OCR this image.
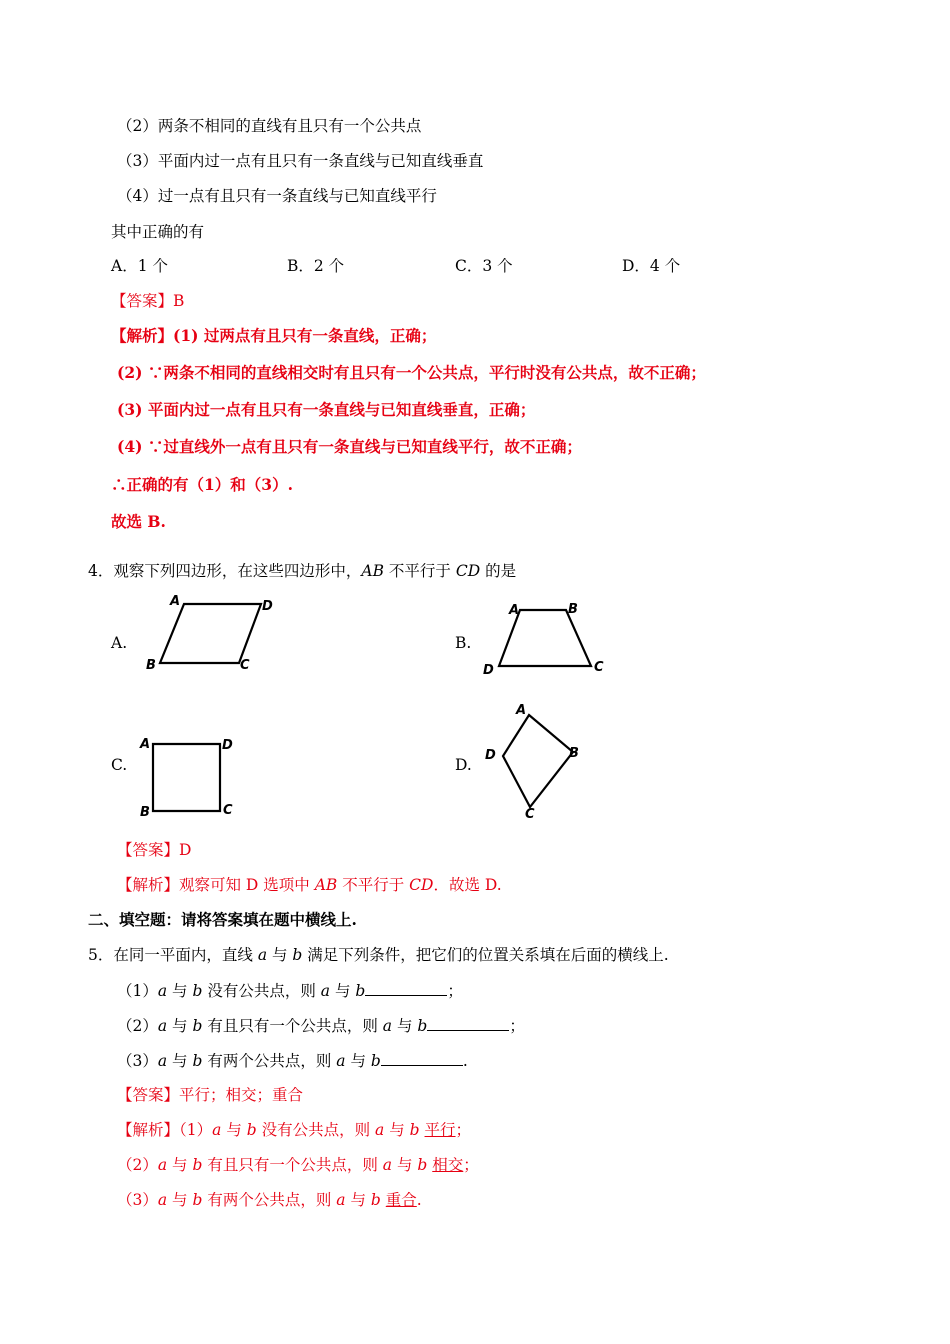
（2）两条不相同的直线有且只有一个公共点
（3）平面内过一点有且只有一条直线与已知直线垂直
（4）过一点有且只有一条直线与已知直线平行
其中正确的有
A．1 个	B．2 个	C．3 个	D．4 个
【答案】B
【解析】(1) 过两点有且只有一条直线，正确；
(2) ∵两条不相同的直线相交时有且只有一个公共点，平行时没有公共点，故不正确；
(3) 平面内过一点有且只有一条直线与已知直线垂直，正确；
(4) ∵过直线外一点有且只有一条直线与已知直线平行，故不正确；
∴正确的有（1）和（3）.
故选 B.
4．观察下列四边形，在这些四边形中，AB 不平行于 CD 的是
A.	B.
C.	D.
A	D
B	C
A	B
D	C
A	D
B	C
A
D	B
C
【答案】D
【解析】观察可知 D 选项中 AB 不平行于 CD．故选 D.
二、填空题：请将答案填在题中横线上.
5．在同一平面内，直线 a 与 b 满足下列条件，把它们的位置关系填在后面的横线上.
（1）a 与 b 没有公共点，则 a 与 b	；
（2）a 与 b 有且只有一个公共点，则 a 与 b	；
（3）a 与 b 有两个公共点，则 a 与 b	.
【答案】平行；相交；重合
【解析】（1）a 与 b 没有公共点，则 a 与 b 平行；
（2）a 与 b 有且只有一个公共点，则 a 与 b 相交；
（3）a 与 b 有两个公共点，则 a 与 b 重合.
